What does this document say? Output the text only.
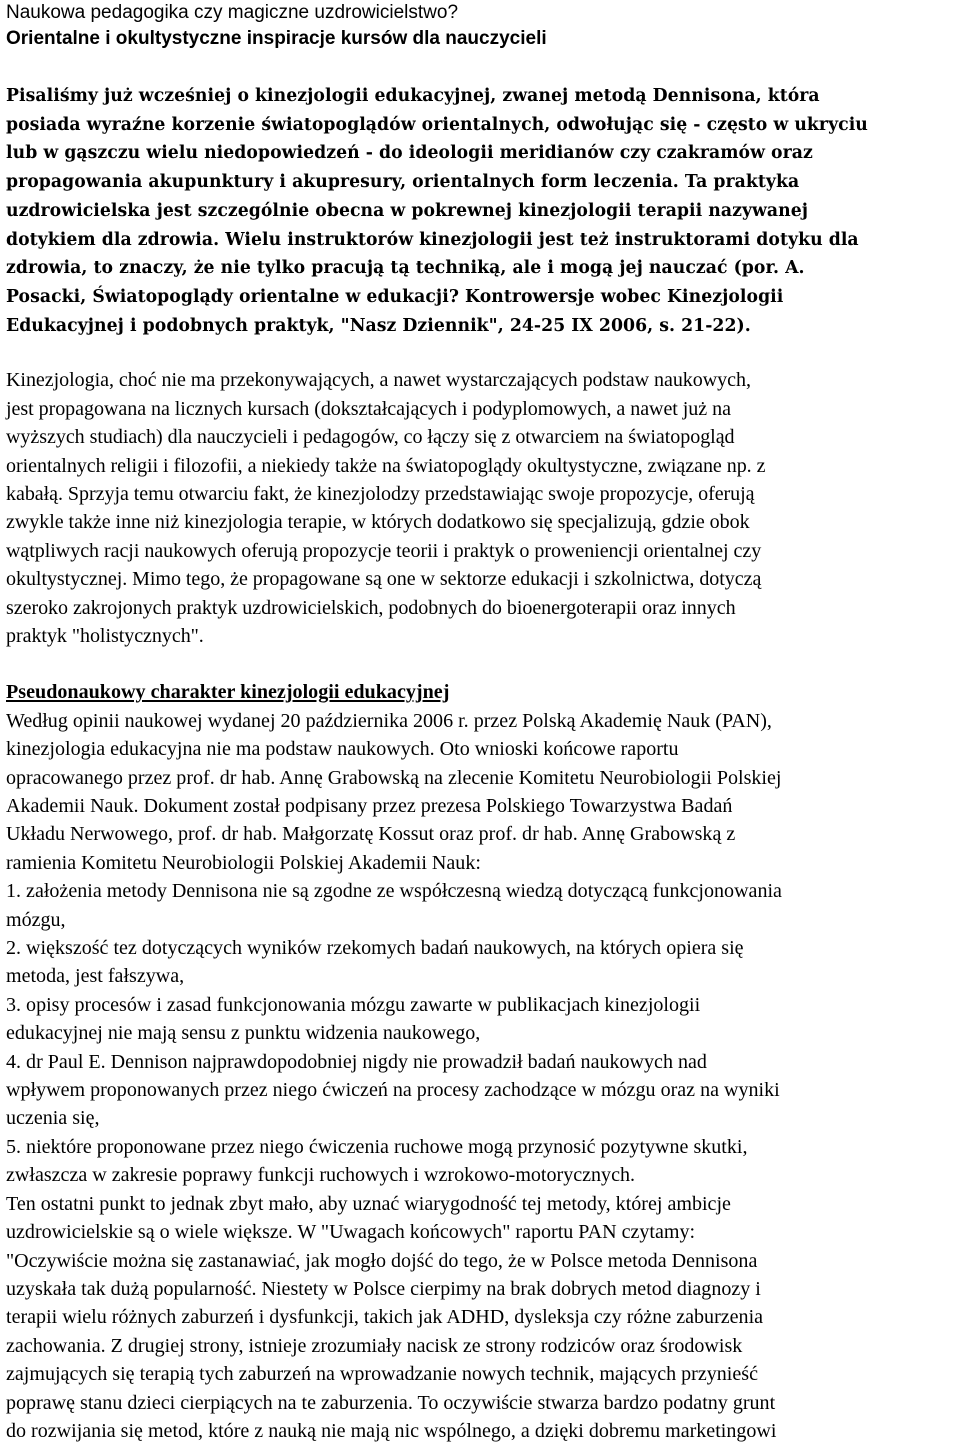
Naukowa pedagogika czy magiczne uzdrowicielstwo?
Orientalne i okultystyczne inspiracje kursów dla nauczycieli

Pisaliśmy już wcześniej o kinezjologii edukacyjnej, zwanej metodą Dennisona, która
posiada wyraźne korzenie światopoglądów orientalnych, odwołując się - często w ukryciu
lub w gąszczu wielu niedopowiedzeń - do ideologii meridianów czy czakramów oraz
propagowania akupunktury i akupresury, orientalnych form leczenia. Ta praktyka
uzdrowicielska jest szczególnie obecna w pokrewnej kinezjologii terapii nazywanej
dotykiem dla zdrowia. Wielu instruktorów kinezjologii jest też instruktorami dotyku dla
zdrowia, to znaczy, że nie tylko pracują tą techniką, ale i mogą jej nauczać (por. A.
Posacki, Światopoglądy orientalne w edukacji? Kontrowersje wobec Kinezjologii
Edukacyjnej i podobnych praktyk, "Nasz Dziennik", 24-25 IX 2006, s. 21-22).

Kinezjologia, choć nie ma przekonywających, a nawet wystarczających podstaw naukowych,
jest propagowana na licznych kursach (dokształcających i podyplomowych, a nawet już na
wyższych studiach) dla nauczycieli i pedagogów, co łączy się z otwarciem na światopogląd
orientalnych religii i filozofii, a niekiedy także na światopoglądy okultystyczne, związane np. z
kabałą. Sprzyja temu otwarciu fakt, że kinezjolodzy przedstawiając swoje propozycje, oferują
zwykle także inne niż kinezjologia terapie, w których dodatkowo się specjalizują, gdzie obok
wątpliwych racji naukowych oferują propozycje teorii i praktyk o proweniencji orientalnej czy
okultystycznej. Mimo tego, że propagowane są one w sektorze edukacji i szkolnictwa, dotyczą
szeroko zakrojonych praktyk uzdrowicielskich, podobnych do bioenergoterapii oraz innych
praktyk "holistycznych".

Pseudonaukowy charakter kinezjologii edukacyjnej

Według opinii naukowej wydanej 20 października 2006 r. przez Polską Akademię Nauk (PAN),
kinezjologia edukacyjna nie ma podstaw naukowych. Oto wnioski końcowe raportu
opracowanego przez prof. dr hab. Annę Grabowską na zlecenie Komitetu Neurobiologii Polskiej
Akademii Nauk. Dokument został podpisany przez prezesa Polskiego Towarzystwa Badań
Układu Nerwowego, prof. dr hab. Małgorzatę Kossut oraz prof. dr hab. Annę Grabowską z
ramienia Komitetu Neurobiologii Polskiej Akademii Nauk:
1. założenia metody Dennisona nie są zgodne ze współczesną wiedzą dotyczącą funkcjonowania
mózgu,
2. większość tez dotyczących wyników rzekomych badań naukowych, na których opiera się
metoda, jest fałszywa,
3. opisy procesów i zasad funkcjonowania mózgu zawarte w publikacjach kinezjologii
edukacyjnej nie mają sensu z punktu widzenia naukowego,
4. dr Paul E. Dennison najprawdopodobniej nigdy nie prowadził badań naukowych nad
wpływem proponowanych przez niego ćwiczeń na procesy zachodzące w mózgu oraz na wyniki
uczenia się,
5. niektóre proponowane przez niego ćwiczenia ruchowe mogą przynosić pozytywne skutki,
zwłaszcza w zakresie poprawy funkcji ruchowych i wzrokowo-motorycznych.
Ten ostatni punkt to jednak zbyt mało, aby uznać wiarygodność tej metody, której ambicje
uzdrowicielskie są o wiele większe. W "Uwagach końcowych" raportu PAN czytamy:
"Oczywiście można się zastanawiać, jak mogło dojść do tego, że w Polsce metoda Dennisona
uzyskała tak dużą popularność. Niestety w Polsce cierpimy na brak dobrych metod diagnozy i
terapii wielu różnych zaburzeń i dysfunkcji, takich jak ADHD, dysleksja czy różne zaburzenia
zachowania. Z drugiej strony, istnieje zrozumiały nacisk ze strony rodziców oraz środowisk
zajmujących się terapią tych zaburzeń na wprowadzanie nowych technik, mających przynieść
poprawę stanu dzieci cierpiących na te zaburzenia. To oczywiście stwarza bardzo podatny grunt
do rozwijania się metod, które z nauką nie mają nic wspólnego, a dzięki dobremu marketingowi
